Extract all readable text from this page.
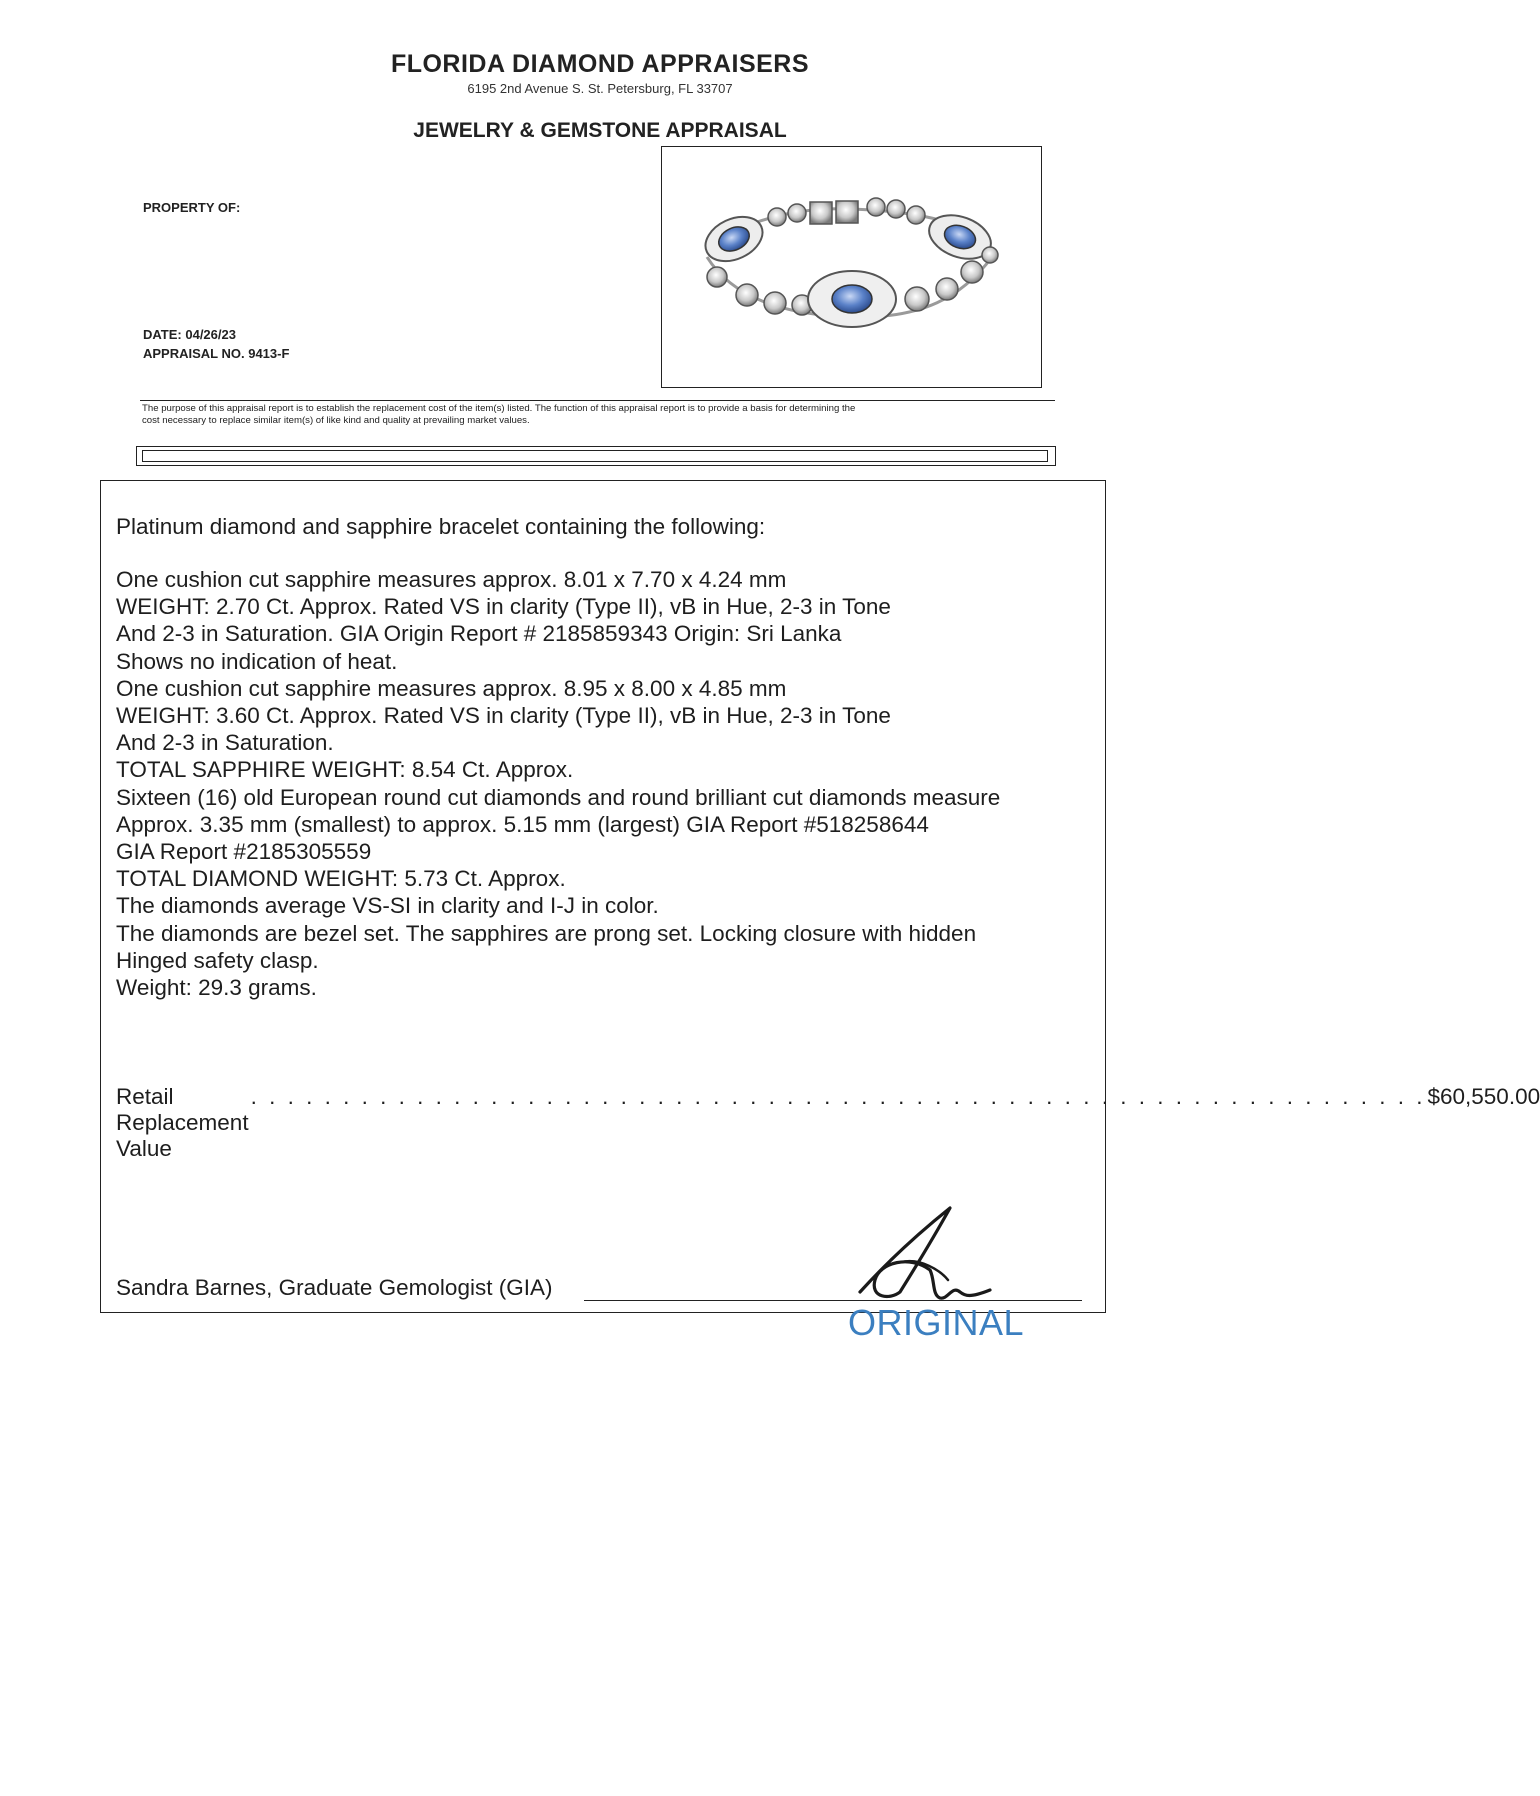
FLORIDA DIAMOND APPRAISERS
6195 2nd Avenue S. St. Petersburg, FL 33707
JEWELRY & GEMSTONE APPRAISAL
PROPERTY OF:
DATE: 04/26/23
APPRAISAL NO. 9413-F
The purpose of this appraisal report is to establish the replacement cost of the item(s) listed. The function of this appraisal report is to provide a basis for determining the
cost necessary to replace similar item(s) of like kind and quality at prevailing market values.
Platinum diamond and sapphire bracelet containing the following:
One cushion cut sapphire measures approx. 8.01 x 7.70 x 4.24 mm
WEIGHT: 2.70 Ct. Approx. Rated VS in clarity (Type II), vB in Hue, 2-3 in Tone
And 2-3 in Saturation. GIA Origin Report # 2185859343 Origin: Sri Lanka
Shows no indication of heat.
One cushion cut sapphire measures approx. 8.95 x 8.00 x 4.85 mm
WEIGHT: 3.60 Ct. Approx. Rated VS in clarity (Type II), vB in Hue, 2-3 in Tone
And 2-3 in Saturation.
TOTAL SAPPHIRE WEIGHT: 8.54 Ct. Approx.
Sixteen (16) old European round cut diamonds and round brilliant cut diamonds measure
Approx. 3.35 mm (smallest) to approx. 5.15 mm (largest) GIA Report #518258644
GIA Report #2185305559
TOTAL DIAMOND WEIGHT: 5.73 Ct. Approx.
The diamonds average VS-SI in clarity and I-J in color.
The diamonds are bezel set. The sapphires are prong set. Locking closure with hidden
Hinged safety clasp.
Weight: 29.3 grams.
Retail Replacement Value
. . . . . . . . . . . . . . . . . . . . . . . . . . . . . . . . . . . . . . . . . . . . . . . . . . . . . . . . . . . . . . . . $60,550.00
Sandra Barnes, Graduate Gemologist (GIA)
ORIGINAL
